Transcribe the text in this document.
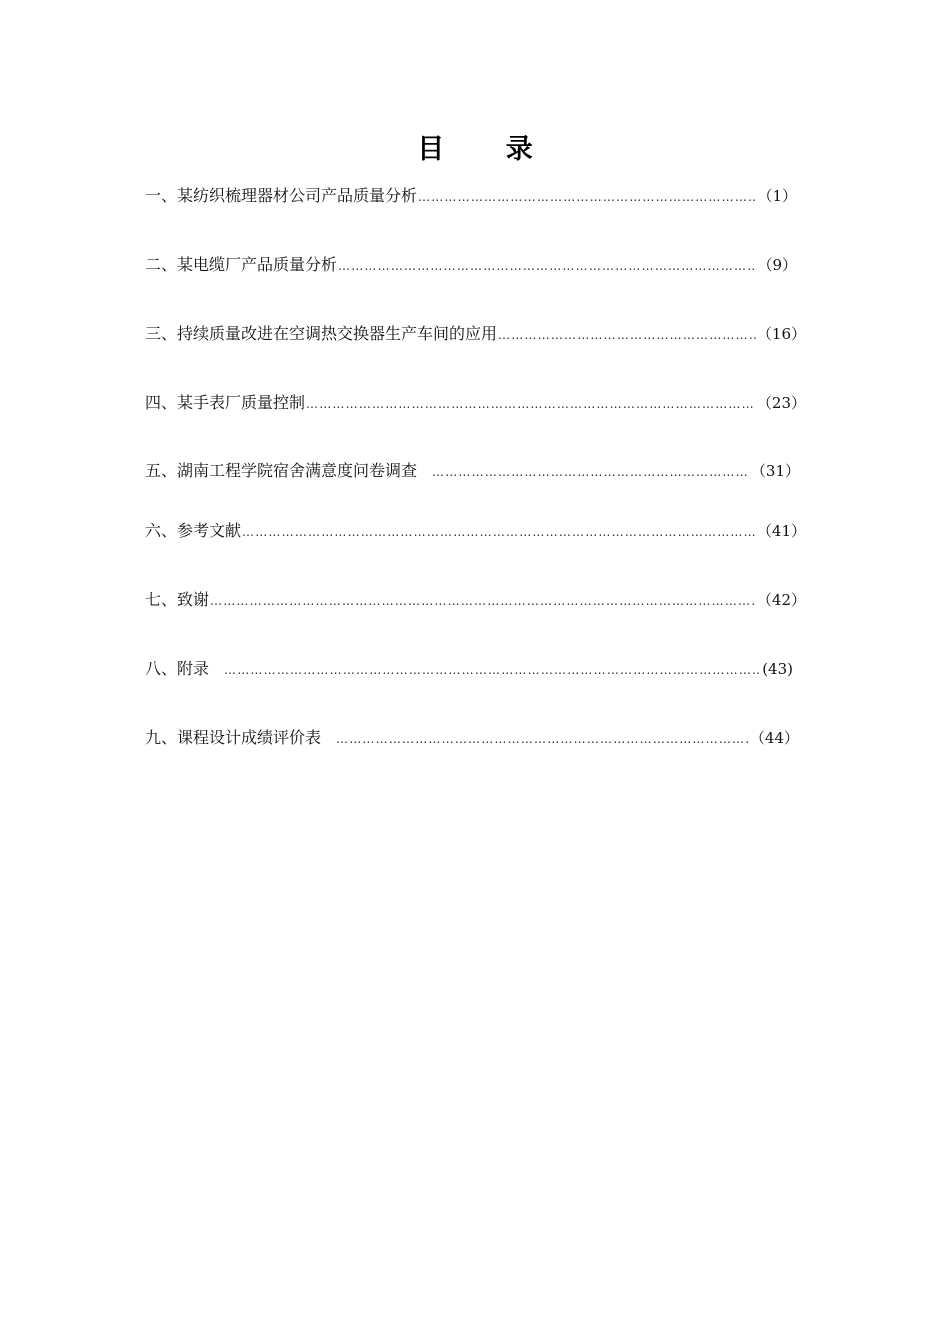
目 录
一、某纺织梳理器材公司产品质量分析 ……………………………………………………………………………………………………………………………………………………………………………	（1）
二、某电缆厂产品质量分析 ……………………………………………………………………………………………………………………………………………………………………………	（9）
三、持续质量改进在空调热交换器生产车间的应用 ……………………………………………………………………………………………………………………………………………………………………………	（16）
四、某手表厂质量控制 ……………………………………………………………………………………………………………………………………………………………………………	（23）
五、湖南工程学院宿舍满意度问卷调查 ……………………………………………………………………………………………………………………………………………………………………………	（31）
六、参考文献 ……………………………………………………………………………………………………………………………………………………………………………	（41）
七、致谢 ……………………………………………………………………………………………………………………………………………………………………………	（42）
八、附录 ……………………………………………………………………………………………………………………………………………………………………………	(43)
九、课程设计成绩评价表 ……………………………………………………………………………………………………………………………………………………………………………	（44）
